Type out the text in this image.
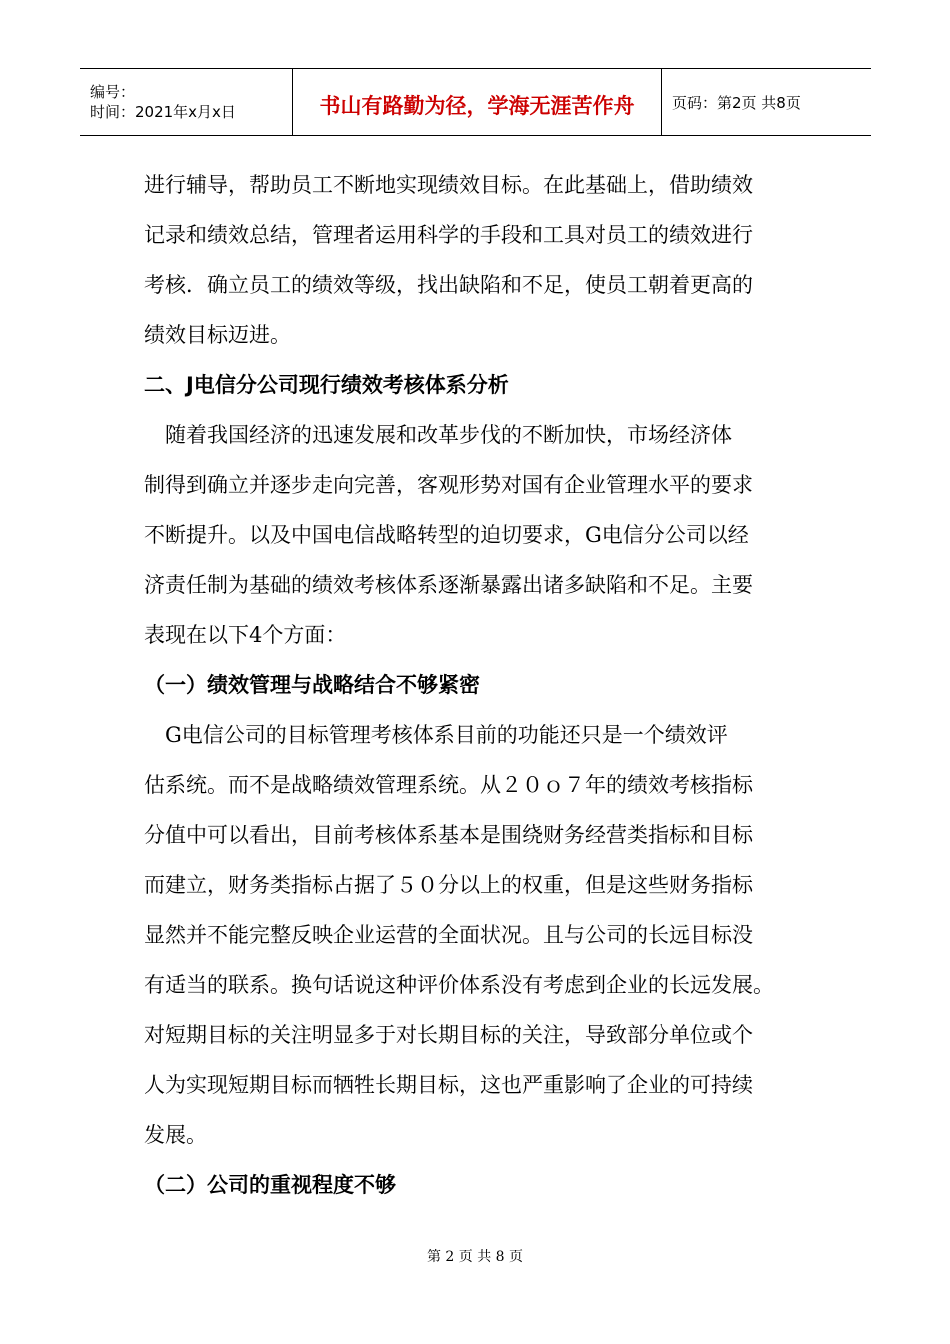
编号：
时间：2021年x月x日	书山有路勤为径，学海无涯苦作舟	页码：第2页 共8页
进行辅导，帮助员工不断地实现绩效目标。在此基础上，借助绩效
记录和绩效总结，管理者运用科学的手段和工具对员工的绩效进行
考核．确立员工的绩效等级，找出缺陷和不足，使员工朝着更高的
绩效目标迈进。
二、J电信分公司现行绩效考核体系分析
　随着我国经济的迅速发展和改革步伐的不断加快，市场经济体
制得到确立并逐步走向完善，客观形势对国有企业管理水平的要求
不断提升。以及中国电信战略转型的迫切要求，G电信分公司以经
济责任制为基础的绩效考核体系逐渐暴露出诸多缺陷和不足。主要
表现在以下4个方面：
（一）绩效管理与战略结合不够紧密
　G电信公司的目标管理考核体系目前的功能还只是一个绩效评
估系统。而不是战略绩效管理系统。从２０ｏ７年的绩效考核指标
分值中可以看出，目前考核体系基本是围绕财务经营类指标和目标
而建立，财务类指标占据了５０分以上的权重，但是这些财务指标
显然并不能完整反映企业运营的全面状况。且与公司的长远目标没
有适当的联系。换句话说这种评价体系没有考虑到企业的长远发展。
对短期目标的关注明显多于对长期目标的关注，导致部分单位或个
人为实现短期目标而牺牲长期目标，这也严重影响了企业的可持续
发展。
（二）公司的重视程度不够
第 2 页 共 8 页
